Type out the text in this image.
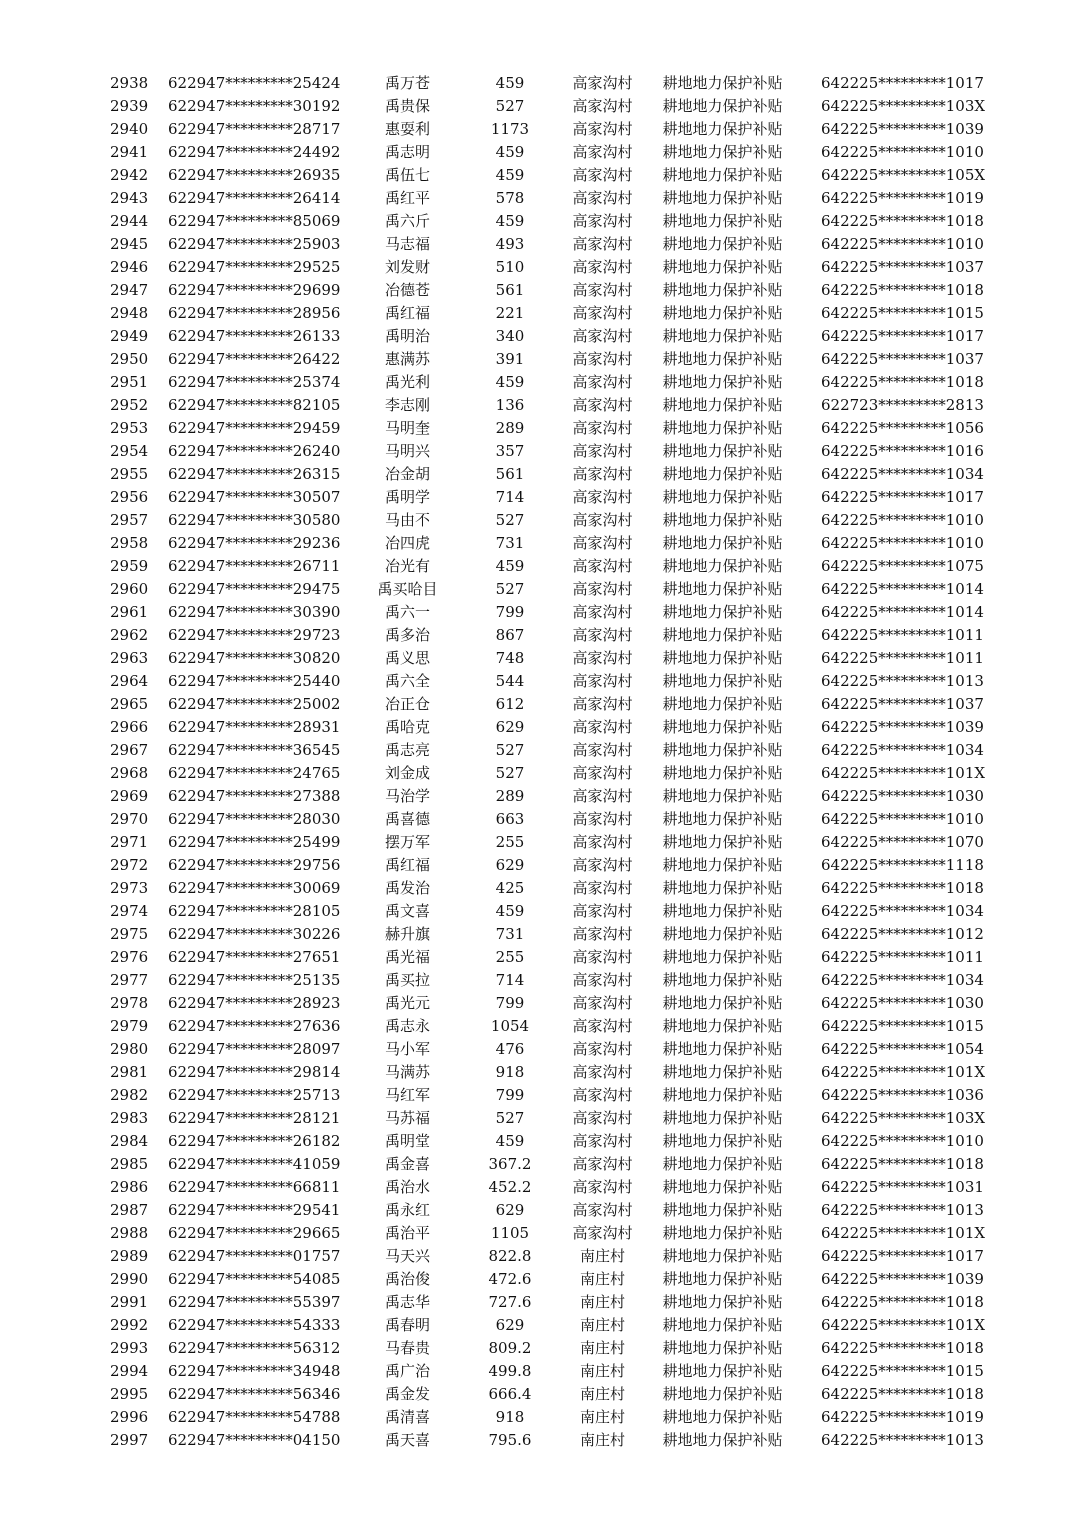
2938	622947*********25424	禹万苍	459	高家沟村	耕地地力保护补贴	642225*********1017
2939	622947*********30192	禹贵保	527	高家沟村	耕地地力保护补贴	642225*********103X
2940	622947*********28717	惠耍利	1173	高家沟村	耕地地力保护补贴	642225*********1039
2941	622947*********24492	禹志明	459	高家沟村	耕地地力保护补贴	642225*********1010
2942	622947*********26935	禹伍七	459	高家沟村	耕地地力保护补贴	642225*********105X
2943	622947*********26414	禹红平	578	高家沟村	耕地地力保护补贴	642225*********1019
2944	622947*********85069	禹六斤	459	高家沟村	耕地地力保护补贴	642225*********1018
2945	622947*********25903	马志福	493	高家沟村	耕地地力保护补贴	642225*********1010
2946	622947*********29525	刘发财	510	高家沟村	耕地地力保护补贴	642225*********1037
2947	622947*********29699	冶德苍	561	高家沟村	耕地地力保护补贴	642225*********1018
2948	622947*********28956	禹红福	221	高家沟村	耕地地力保护补贴	642225*********1015
2949	622947*********26133	禹明治	340	高家沟村	耕地地力保护补贴	642225*********1017
2950	622947*********26422	惠满苏	391	高家沟村	耕地地力保护补贴	642225*********1037
2951	622947*********25374	禹光利	459	高家沟村	耕地地力保护补贴	642225*********1018
2952	622947*********82105	李志刚	136	高家沟村	耕地地力保护补贴	622723*********2813
2953	622947*********29459	马明奎	289	高家沟村	耕地地力保护补贴	642225*********1056
2954	622947*********26240	马明兴	357	高家沟村	耕地地力保护补贴	642225*********1016
2955	622947*********26315	冶金胡	561	高家沟村	耕地地力保护补贴	642225*********1034
2956	622947*********30507	禹明学	714	高家沟村	耕地地力保护补贴	642225*********1017
2957	622947*********30580	马由不	527	高家沟村	耕地地力保护补贴	642225*********1010
2958	622947*********29236	冶四虎	731	高家沟村	耕地地力保护补贴	642225*********1010
2959	622947*********26711	冶光有	459	高家沟村	耕地地力保护补贴	642225*********1075
2960	622947*********29475	禹买哈目	527	高家沟村	耕地地力保护补贴	642225*********1014
2961	622947*********30390	禹六一	799	高家沟村	耕地地力保护补贴	642225*********1014
2962	622947*********29723	禹多治	867	高家沟村	耕地地力保护补贴	642225*********1011
2963	622947*********30820	禹义思	748	高家沟村	耕地地力保护补贴	642225*********1011
2964	622947*********25440	禹六全	544	高家沟村	耕地地力保护补贴	642225*********1013
2965	622947*********25002	冶正仓	612	高家沟村	耕地地力保护补贴	642225*********1037
2966	622947*********28931	禹哈克	629	高家沟村	耕地地力保护补贴	642225*********1039
2967	622947*********36545	禹志亮	527	高家沟村	耕地地力保护补贴	642225*********1034
2968	622947*********24765	刘金成	527	高家沟村	耕地地力保护补贴	642225*********101X
2969	622947*********27388	马治学	289	高家沟村	耕地地力保护补贴	642225*********1030
2970	622947*********28030	禹喜德	663	高家沟村	耕地地力保护补贴	642225*********1010
2971	622947*********25499	摆万军	255	高家沟村	耕地地力保护补贴	642225*********1070
2972	622947*********29756	禹红福	629	高家沟村	耕地地力保护补贴	642225*********1118
2973	622947*********30069	禹发治	425	高家沟村	耕地地力保护补贴	642225*********1018
2974	622947*********28105	禹文喜	459	高家沟村	耕地地力保护补贴	642225*********1034
2975	622947*********30226	赫升旗	731	高家沟村	耕地地力保护补贴	642225*********1012
2976	622947*********27651	禹光福	255	高家沟村	耕地地力保护补贴	642225*********1011
2977	622947*********25135	禹买拉	714	高家沟村	耕地地力保护补贴	642225*********1034
2978	622947*********28923	禹光元	799	高家沟村	耕地地力保护补贴	642225*********1030
2979	622947*********27636	禹志永	1054	高家沟村	耕地地力保护补贴	642225*********1015
2980	622947*********28097	马小军	476	高家沟村	耕地地力保护补贴	642225*********1054
2981	622947*********29814	马满苏	918	高家沟村	耕地地力保护补贴	642225*********101X
2982	622947*********25713	马红军	799	高家沟村	耕地地力保护补贴	642225*********1036
2983	622947*********28121	马苏福	527	高家沟村	耕地地力保护补贴	642225*********103X
2984	622947*********26182	禹明堂	459	高家沟村	耕地地力保护补贴	642225*********1010
2985	622947*********41059	禹金喜	367.2	高家沟村	耕地地力保护补贴	642225*********1018
2986	622947*********66811	禹治水	452.2	高家沟村	耕地地力保护补贴	642225*********1031
2987	622947*********29541	禹永红	629	高家沟村	耕地地力保护补贴	642225*********1013
2988	622947*********29665	禹治平	1105	高家沟村	耕地地力保护补贴	642225*********101X
2989	622947*********01757	马天兴	822.8	南庄村	耕地地力保护补贴	642225*********1017
2990	622947*********54085	禹治俊	472.6	南庄村	耕地地力保护补贴	642225*********1039
2991	622947*********55397	禹志华	727.6	南庄村	耕地地力保护补贴	642225*********1018
2992	622947*********54333	禹春明	629	南庄村	耕地地力保护补贴	642225*********101X
2993	622947*********56312	马春贵	809.2	南庄村	耕地地力保护补贴	642225*********1018
2994	622947*********34948	禹广治	499.8	南庄村	耕地地力保护补贴	642225*********1015
2995	622947*********56346	禹金发	666.4	南庄村	耕地地力保护补贴	642225*********1018
2996	622947*********54788	禹清喜	918	南庄村	耕地地力保护补贴	642225*********1019
2997	622947*********04150	禹天喜	795.6	南庄村	耕地地力保护补贴	642225*********1013
